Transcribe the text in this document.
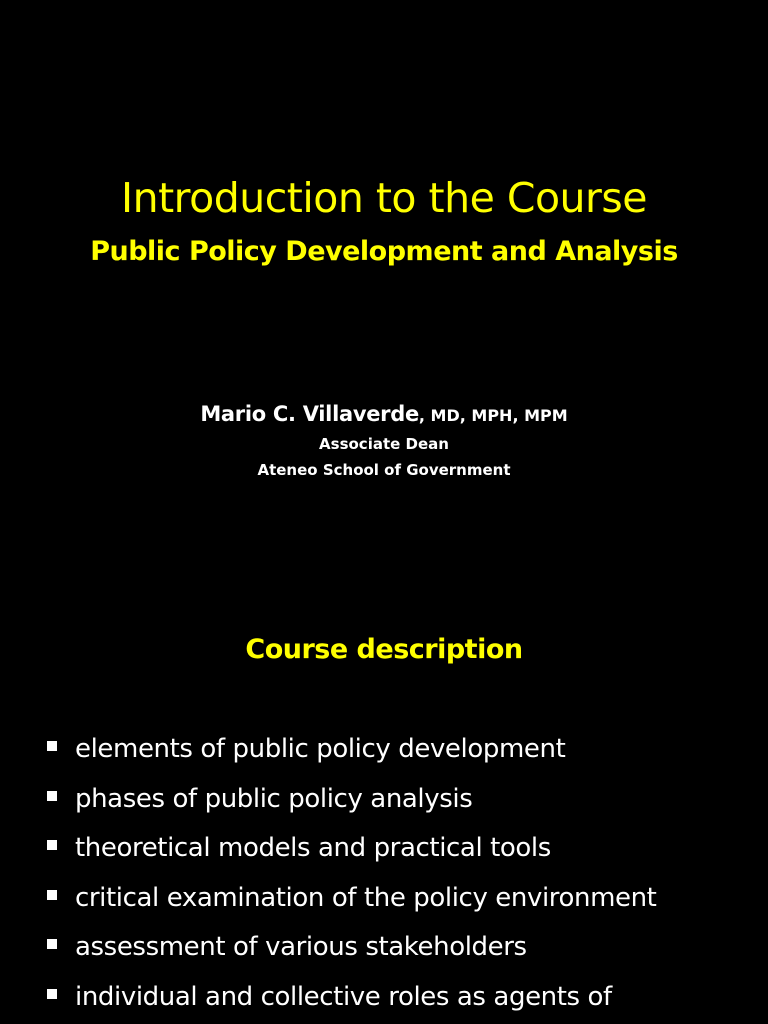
Introduction to the Course
Public Policy Development and Analysis
Mario C. Villaverde, MD, MPH, MPM
Associate Dean
Ateneo School of Government
Course description
elements of public policy development
phases of public policy analysis
theoretical models and practical tools
critical examination of the policy environment
assessment of various stakeholders
individual and collective roles as agents of
